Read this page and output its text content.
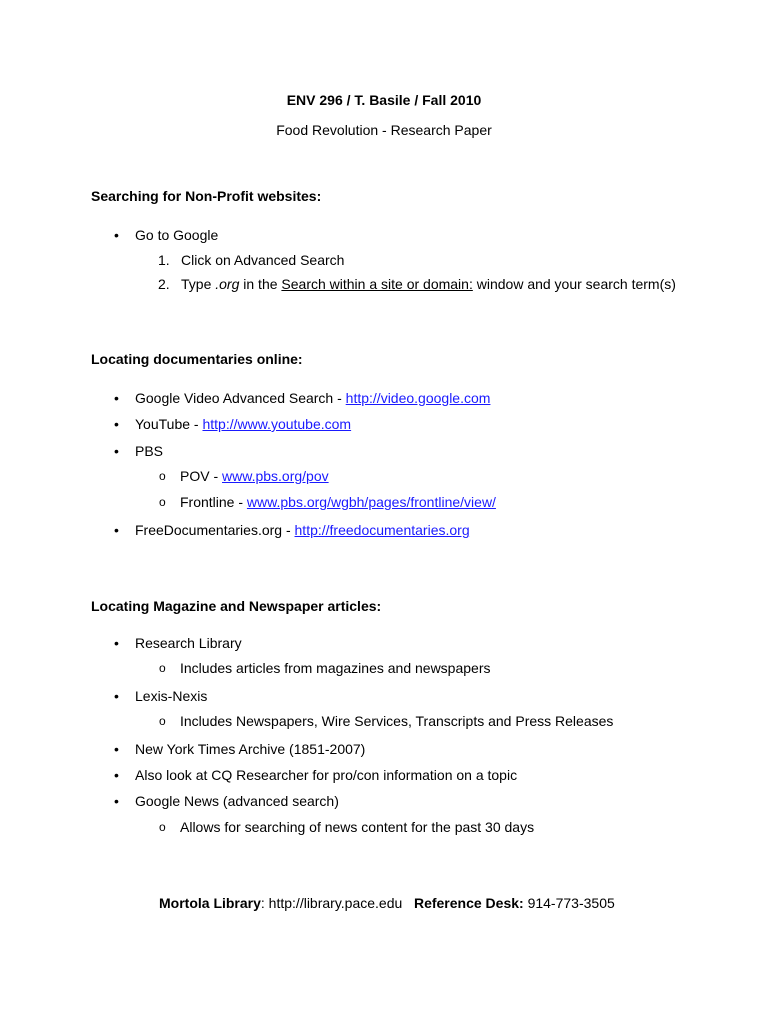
ENV 296 / T. Basile / Fall 2010
Food Revolution - Research Paper
Searching for Non-Profit websites:
• Go to Google
1. Click on Advanced Search
2. Type .org in the Search within a site or domain: window and your search term(s)
Locating documentaries online:
• Google Video Advanced Search - http://video.google.com
• YouTube - http://www.youtube.com
• PBS
o POV - www.pbs.org/pov
o Frontline - www.pbs.org/wgbh/pages/frontline/view/
• FreeDocumentaries.org - http://freedocumentaries.org
Locating Magazine and Newspaper articles:
• Research Library
o Includes articles from magazines and newspapers
• Lexis-Nexis
o Includes Newspapers, Wire Services, Transcripts and Press Releases
• New York Times Archive (1851-2007)
• Also look at CQ Researcher for pro/con information on a topic
• Google News (advanced search)
o Allows for searching of news content for the past 30 days
Mortola Library: http://library.pace.edu Reference Desk: 914-773-3505
